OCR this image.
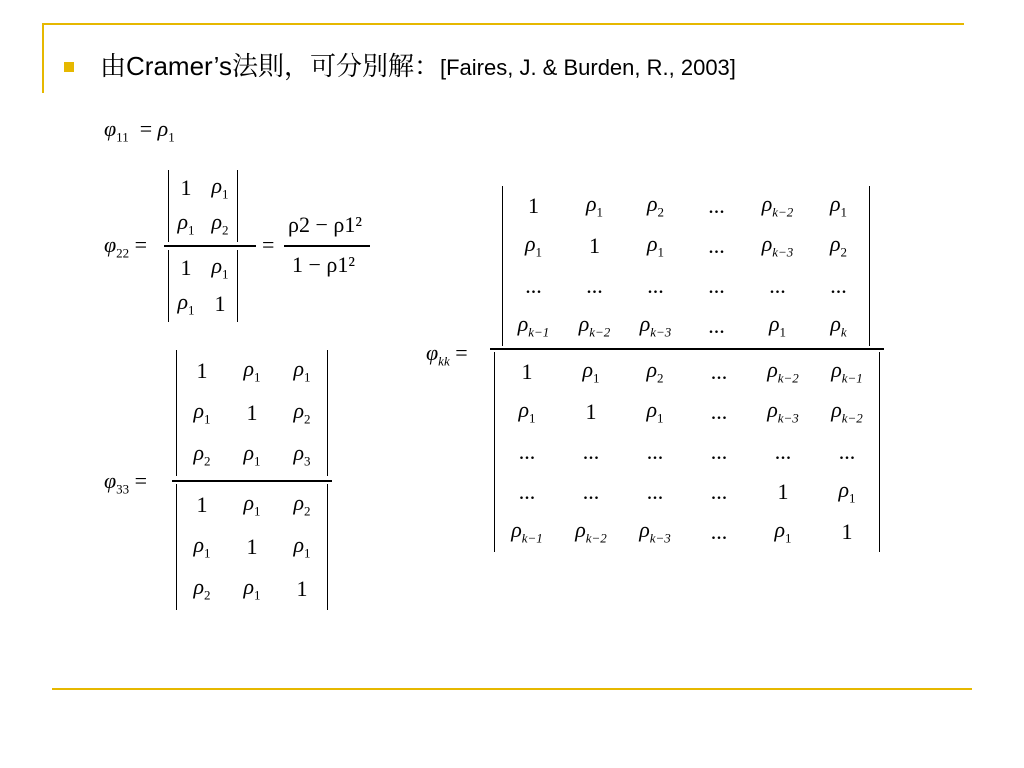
由Cramer’s法則，可分別解：[Faires, J. & Burden, R., 2003]
$\varphi_{11} = \rho_1$
$\varphi_{22}$ =
1	$\rho_1$
$\rho_1$	$\rho_2$
1	$\rho_1$
$\rho_1$	1
=
ρ2 − ρ1²
1 − ρ1²
$\varphi_{33}$ =
1	$\rho_1$	$\rho_1$
$\rho_1$	1	$\rho_2$
$\rho_2$	$\rho_1$	$\rho_3$
1	$\rho_1$	$\rho_2$
$\rho_1$	1	$\rho_1$
$\rho_2$	$\rho_1$	1
$\varphi_{kk}$ =
1	$\rho_1$	$\rho_2$	...	$\rho_{k-2}$	$\rho_1$
$\rho_1$	1	$\rho_1$	...	$\rho_{k-3}$	$\rho_2$
...	...	...	...	...	...
$\rho_{k-1}$	$\rho_{k-2}$	$\rho_{k-3}$	...	$\rho_1$	$\rho_k$
1	$\rho_1$	$\rho_2$	...	$\rho_{k-2}$	$\rho_{k-1}$
$\rho_1$	1	$\rho_1$	...	$\rho_{k-3}$	$\rho_{k-2}$
...	...	...	...	...	...
...	...	...	...	1	$\rho_1$
$\rho_{k-1}$	$\rho_{k-2}$	$\rho_{k-3}$	...	$\rho_1$	1
